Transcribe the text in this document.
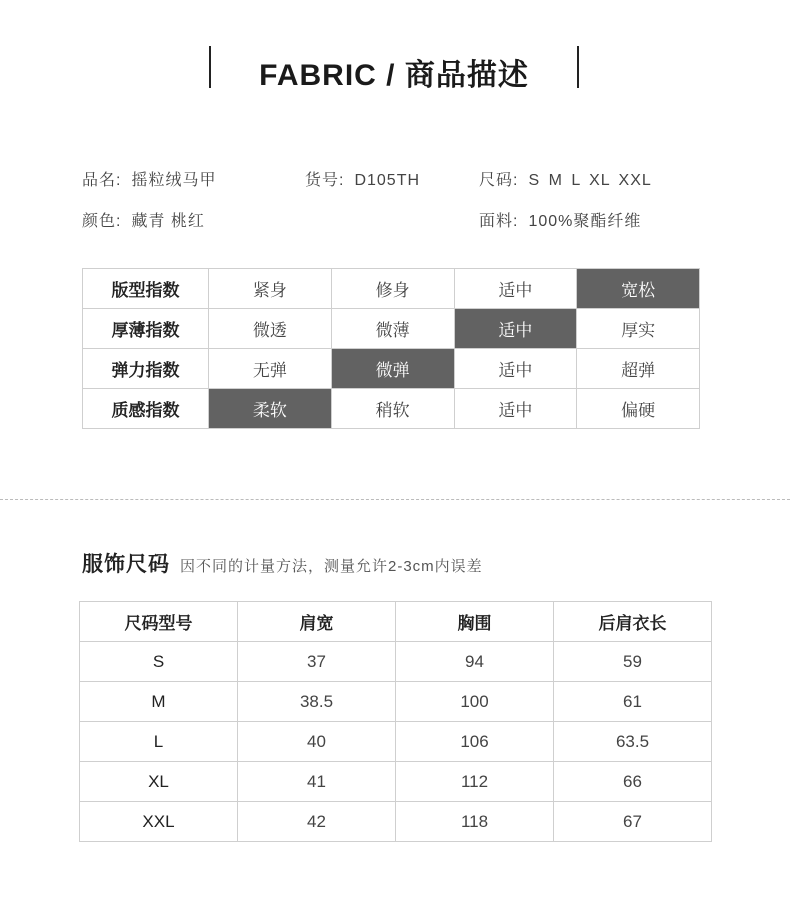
FABRIC / 商品描述
品名: 摇粒绒马甲	货号: D105TH	尺码: S M L XL XXL
颜色: 藏青 桃红	面料: 100%聚酯纤维
版型指数	紧身	修身	适中	宽松
厚薄指数	微透	微薄	适中	厚实
弹力指数	无弹	微弹	适中	超弹
质感指数	柔软	稍软	适中	偏硬
服饰尺码 因不同的计量方法，测量允许2-3cm内误差
尺码型号	肩宽	胸围	后肩衣长
S	37	94	59
M	38.5	100	61
L	40	106	63.5
XL	41	112	66
XXL	42	118	67
